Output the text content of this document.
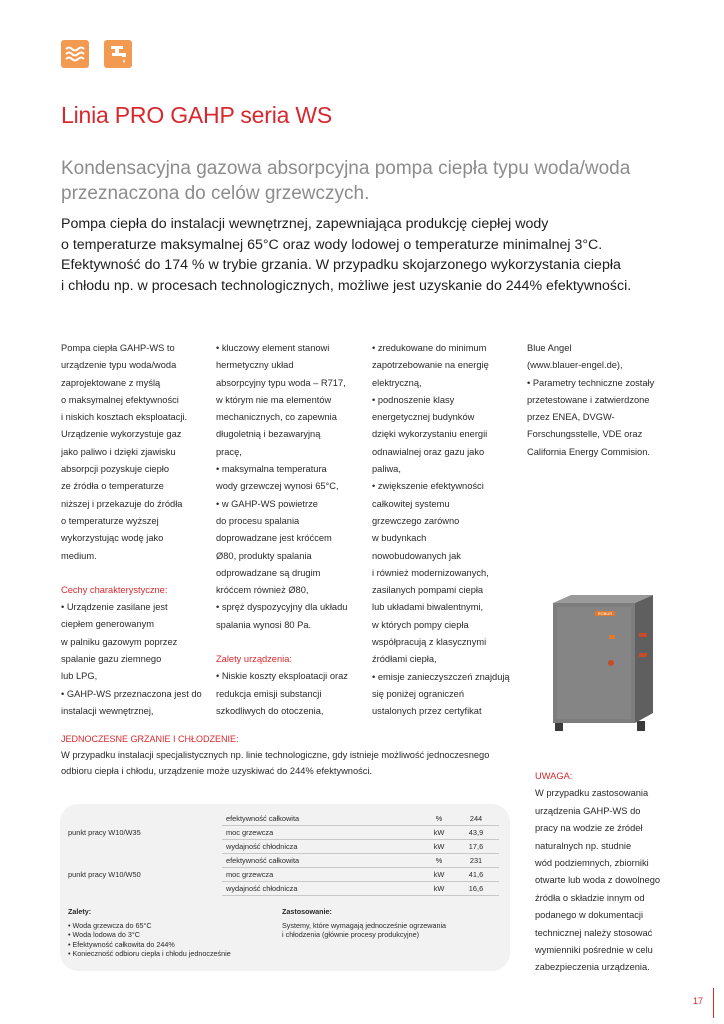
Linia PRO GAHP seria WS
Kondensacyjna gazowa absorpcyjna pompa ciepła typu woda/woda przeznaczona do celów grzewczych.
Pompa ciepła do instalacji wewnętrznej, zapewniająca produkcję ciepłej wody
o temperaturze maksymalnej 65°C oraz wody lodowej o temperaturze minimalnej 3°C.
Efektywność do 174 % w trybie grzania. W przypadku skojarzonego wykorzystania ciepła
i chłodu np. w procesach technologicznych, możliwe jest uzyskanie do 244% efektywności.

Pompa ciepła GAHP-WS to

urządzenie typu woda/woda

zaprojektowane z myślą

o maksymalnej efektywności

i niskich kosztach eksploatacji.

Urządzenie wykorzystuje gaz

jako paliwo i dzięki zjawisku

absorpcji pozyskuje ciepło

ze źródła o temperaturze

niższej i przekazuje do źródła

o temperaturze wyższej

wykorzystując wodę jako

medium.

Cechy charakterystyczne:

• Urządzenie zasilane jest

ciepłem generowanym

w palniku gazowym poprzez

spalanie gazu ziemnego

lub LPG,

• GAHP-WS przeznaczona jest do

instalacji wewnętrznej,

• kluczowy element stanowi

hermetyczny układ

absorpcyjny typu woda – R717,

w którym nie ma elementów

mechanicznych, co zapewnia

długoletnią i bezawaryjną

pracę,

• maksymalna temperatura

wody grzewczej wynosi 65°C,

• w GAHP-WS powietrze

do procesu spalania

doprowadzane jest króćcem

Ø80, produkty spalania

odprowadzane są drugim

króćcem również Ø80,

• spręż dyspozycyjny dla układu

spalania wynosi 80 Pa.

Zalety urządzenia:

• Niskie koszty eksploatacji oraz

redukcja emisji substancji

szkodliwych do otoczenia,

• zredukowane do minimum

zapotrzebowanie na energię

elektryczną,

• podnoszenie klasy

energetycznej budynków

dzięki wykorzystaniu energii

odnawialnej oraz gazu jako

paliwa,

• zwiększenie efektywności

całkowitej systemu

grzewczego zarówno

w budynkach

nowobudowanych jak

i również modernizowanych,

zasilanych pompami ciepła

lub układami biwalentnymi,

w których pompy ciepła

współpracują z klasycznymi

źródłami ciepła,

• emisje zanieczyszczeń znajdują

się poniżej ograniczeń

ustalonych przez certyfikat

Blue Angel

(www.blauer-engel.de),

• Parametry techniczne zostały

przetestowane i zatwierdzone

przez ENEA, DVGW-

Forschungsstelle, VDE oraz

California Energy Commision.

ROBUR
JEDNOCZESNE GRZANIE I CHŁODZENIE:
W przypadku instalacji specjalistycznych np. linie technologiczne, gdy istnieje możliwość jednoczesnego
odbioru ciepła i chłodu, urządzenie może uzyskiwać do 244% efektywności.
punkt pracy W10/W35	efektywność całkowita	%	244
	moc grzewcza	kW	43,9
	wydajność chłodnicza	kW	17,6
punkt pracy W10/W50	efektywność całkowita	%	231
	moc grzewcza	kW	41,6
	wydajność chłodnicza	kW	16,6

Zalety:

• Woda grzewcza do 65°C

• Woda lodowa do 3°C

• Efektywność całkowita do 244%

• Konieczność odbioru ciepła i chłodu jednocześnie

Zastosowanie:

Systemy, które wymagają jednocześnie ogrzewania

i chłodzenia (głównie procesy produkcyjne)

UWAGA:

W przypadku zastosowania

urządzenia GAHP-WS do

pracy na wodzie ze źródeł

naturalnych np. studnie

wód podziemnych, zbiorniki

otwarte lub woda z dowolnego

źródła o składzie innym od

podanego w dokumentacji

technicznej należy stosować

wymienniki pośrednie w celu

zabezpieczenia urządzenia.

17
